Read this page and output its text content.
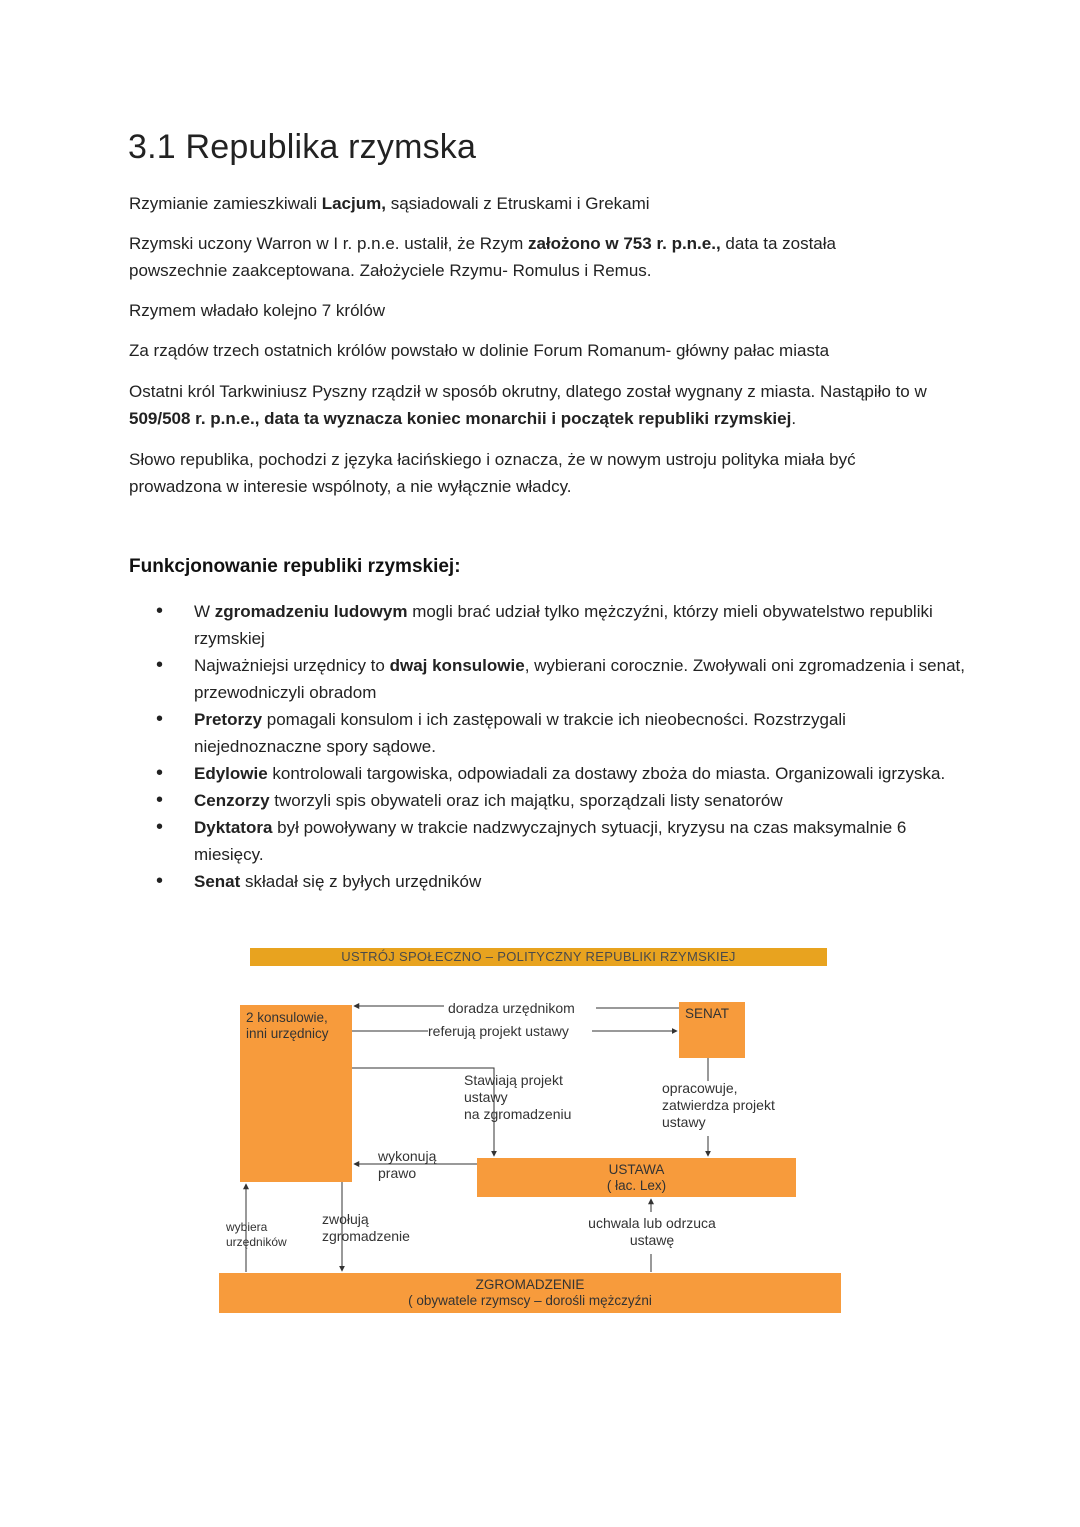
3.1 Republika rzymska

Rzymianie zamieszkiwali Lacjum, sąsiadowali z Etruskami i Grekami

Rzymski uczony Warron w I r. p.n.e. ustalił, że Rzym założono w 753 r. p.n.e., data ta została powszechnie zaakceptowana. Założyciele Rzymu- Romulus i Remus.

Rzymem władało kolejno 7 królów

Za rządów trzech ostatnich królów powstało w dolinie Forum Romanum- główny pałac miasta

Ostatni król Tarkwiniusz Pyszny rządził w sposób okrutny, dlatego został wygnany z miasta. Nastąpiło to w 509/508 r. p.n.e., data ta wyznacza koniec monarchii i początek republiki rzymskiej.

Słowo republika, pochodzi z języka łacińskiego i oznacza, że w nowym ustroju polityka miała być prowadzona w interesie wspólnoty, a nie wyłącznie władcy.

Funkcjonowanie republiki rzymskiej:
• W zgromadzeniu ludowym mogli brać udział tylko mężczyźni, którzy mieli obywatelstwo republiki rzymskiej
• Najważniejsi urzędnicy to dwaj konsulowie, wybierani corocznie. Zwoływali oni zgromadzenia i senat, przewodniczyli obradom
• Pretorzy pomagali konsulom i ich zastępowali w trakcie ich nieobecności. Rozstrzygali niejednoznaczne spory sądowe.
• Edylowie kontrolowali targowiska, odpowiadali za dostawy zboża do miasta. Organizowali igrzyska.
• Cenzorzy tworzyli spis obywateli oraz ich majątku, sporządzali listy senatorów
• Dyktatora był powoływany w trakcie nadzwyczajnych sytuacji, kryzysu na czas maksymalnie 6 miesięcy.
• Senat składał się z byłych urzędników
USTRÓJ SPOŁECZNO – POLITYCZNY REPUBLIKI RZYMSKIEJ
2 konsulowie,
inni urzędnicy
SENAT
USTAWA
( łac. Lex)
ZGROMADZENIE
( obywatele rzymscy – dorośli mężczyźni
doradza urzędnikom
referują projekt ustawy
Stawiają projekt
ustawy
na zgromadzeniu
opracowuje,
zatwierdza projekt
ustawy
wykonują
prawo
wybiera
urzędników
zwołują
zgromadzenie
uchwala lub odrzuca
ustawę
